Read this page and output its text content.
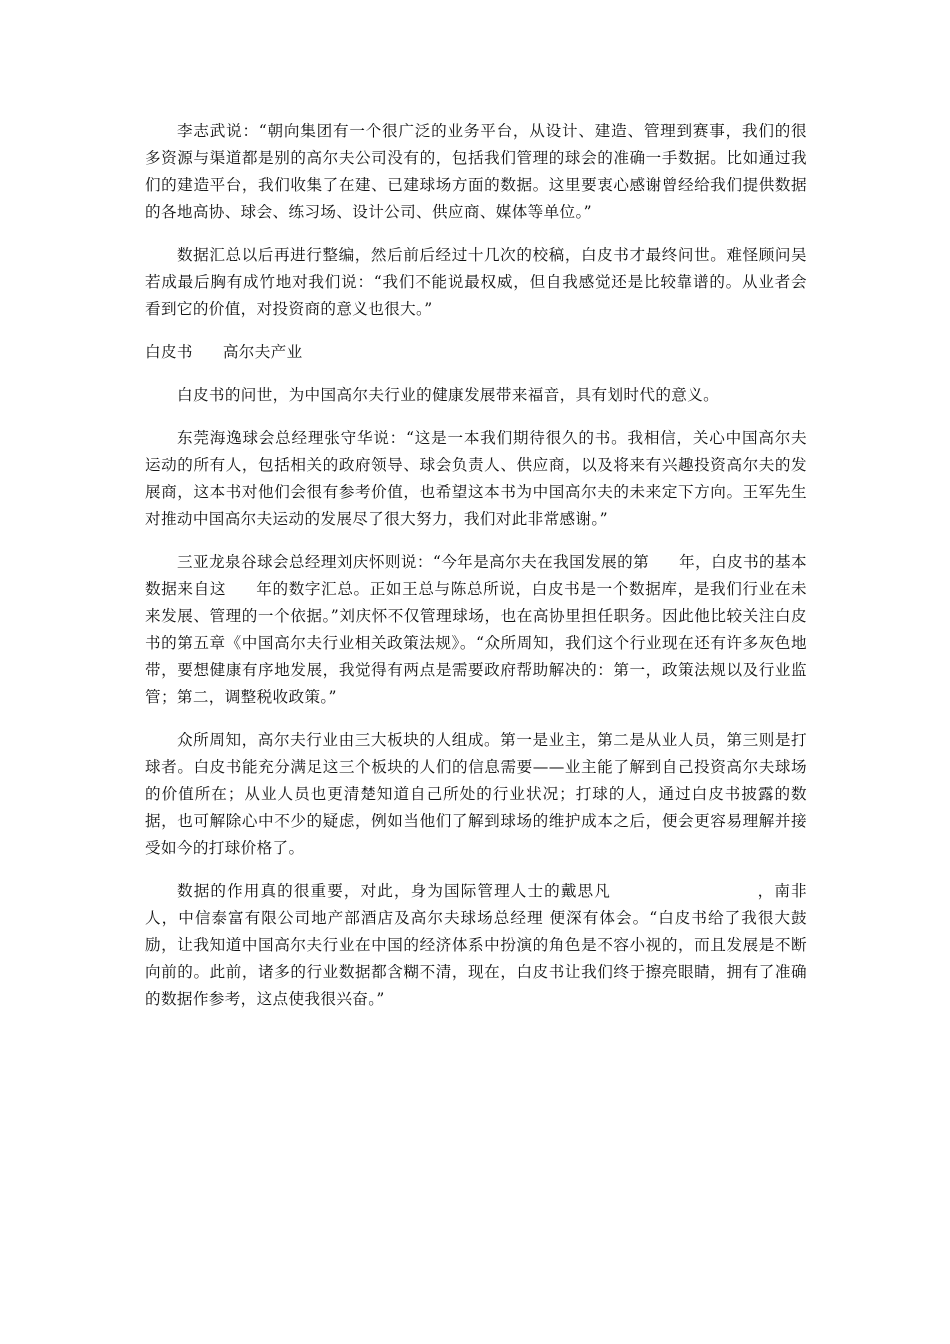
李志武说：“朝向集团有一个很广泛的业务平台，从设计、建造、管理到赛事，我们的很多资源与渠道都是别的高尔夫公司没有的，包括我们管理的球会的准确一手数据。比如通过我们的建造平台，我们收集了在建、已建球场方面的数据。这里要衷心感谢曾经给我们提供数据的各地高协、球会、练习场、设计公司、供应商、媒体等单位。”

数据汇总以后再进行整编，然后前后经过十几次的校稿，白皮书才最终问世。难怪顾问吴若成最后胸有成竹地对我们说：“我们不能说最权威，但自我感觉还是比较靠谱的。从业者会看到它的价值，对投资商的意义也很大。”

白皮书 高尔夫产业

白皮书的问世，为中国高尔夫行业的健康发展带来福音，具有划时代的意义。

东莞海逸球会总经理张守华说：“这是一本我们期待很久的书。我相信，关心中国高尔夫运动的所有人，包括相关的政府领导、球会负责人、供应商，以及将来有兴趣投资高尔夫的发展商，这本书对他们会很有参考价值，也希望这本书为中国高尔夫的未来定下方向。王军先生对推动中国高尔夫运动的发展尽了很大努力，我们对此非常感谢。”

三亚龙泉谷球会总经理刘庆怀则说：“今年是高尔夫在我国发展的第 年，白皮书的基本数据来自这 年的数字汇总。正如王总与陈总所说，白皮书是一个数据库，是我们行业在未来发展、管理的一个依据。”刘庆怀不仅管理球场，也在高协里担任职务。因此他比较关注白皮书的第五章《中国高尔夫行业相关政策法规》。“众所周知，我们这个行业现在还有许多灰色地带，要想健康有序地发展，我觉得有两点是需要政府帮助解决的：第一，政策法规以及行业监管；第二，调整税收政策。”

众所周知，高尔夫行业由三大板块的人组成。第一是业主，第二是从业人员，第三则是打球者。白皮书能充分满足这三个板块的人们的信息需要——业主能了解到自己投资高尔夫球场的价值所在；从业人员也更清楚知道自己所处的行业状况；打球的人，通过白皮书披露的数据，也可解除心中不少的疑虑，例如当他们了解到球场的维护成本之后，便会更容易理解并接受如今的打球价格了。

数据的作用真的很重要，对此，身为国际管理人士的戴思凡	，南非人，中信泰富有限公司地产部酒店及高尔夫球场总经理 便深有体会。“白皮书给了我很大鼓励，让我知道中国高尔夫行业在中国的经济体系中扮演的角色是不容小视的，而且发展是不断向前的。此前，诸多的行业数据都含糊不清，现在，白皮书让我们终于擦亮眼睛，拥有了准确的数据作参考，这点使我很兴奋。”
